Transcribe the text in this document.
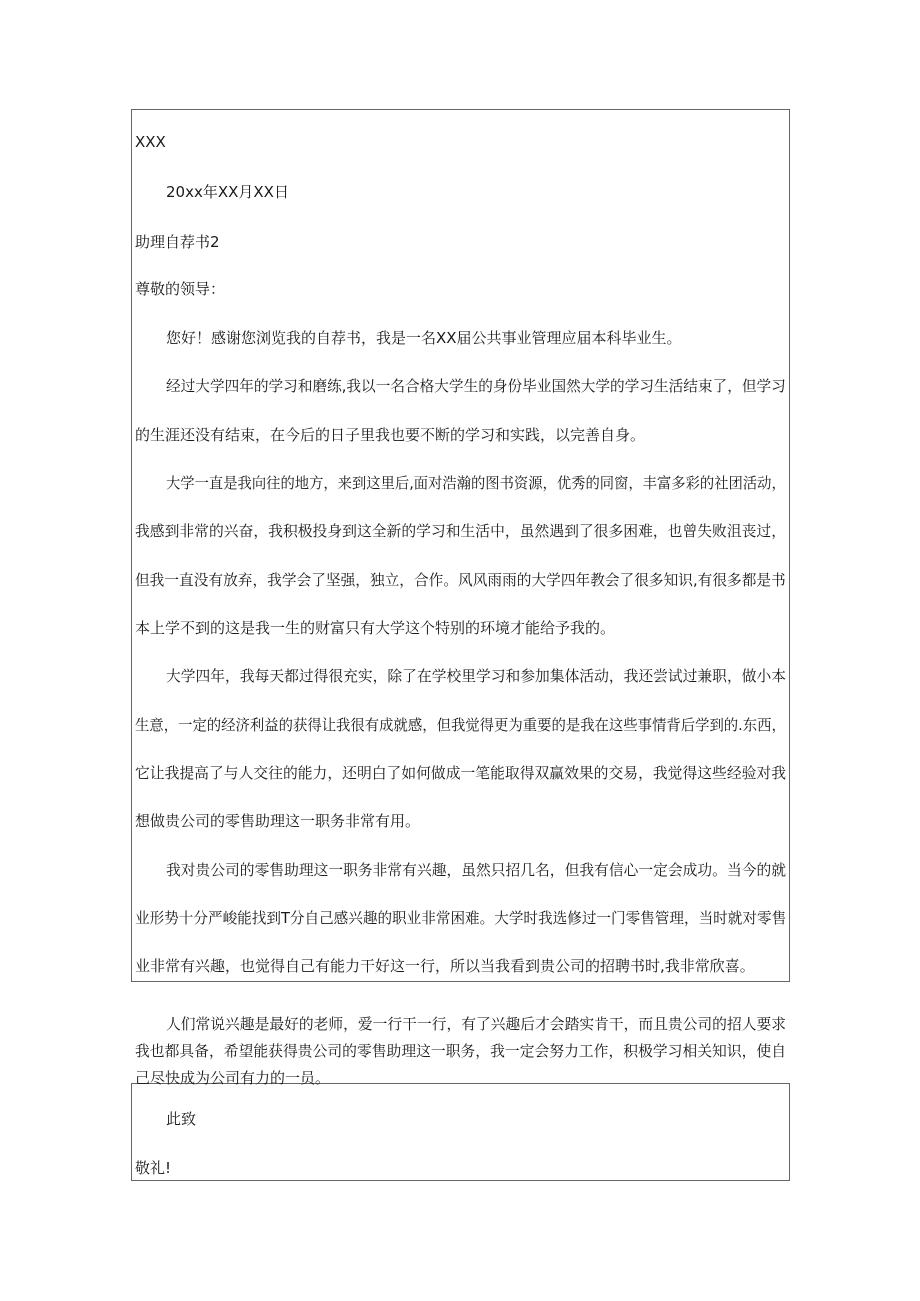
XXX
20xx年XX月XX日
助理自荐书2
尊敬的领导：
您好！感谢您浏览我的自荐书，我是一名XX届公共事业管理应届本科毕业生。
经过大学四年的学习和磨练,我以一名合格大学生的身份毕业国然大学的学习生活结束了，但学习
的生涯还没有结束，在今后的日子里我也要不断的学习和实践，以完善自身。
大学一直是我向往的地方，来到这里后,面对浩瀚的图书资源，优秀的同窗，丰富多彩的社团活动，
我感到非常的兴奋，我积极投身到这全新的学习和生活中，虽然遇到了很多困难，也曾失败沮丧过，
但我一直没有放弃，我学会了坚强，独立，合作。风风雨雨的大学四年教会了很多知识,有很多都是书
本上学不到的这是我一生的财富只有大学这个特别的环境才能给予我的。
大学四年，我每天都过得很充实，除了在学校里学习和参加集体活动，我还尝试过兼职，做小本
生意，一定的经济利益的获得让我很有成就感，但我觉得更为重要的是我在这些事情背后学到的.东西，
它让我提高了与人交往的能力，还明白了如何做成一笔能取得双赢效果的交易，我觉得这些经验对我
想做贵公司的零售助理这一职务非常有用。
我对贵公司的零售助理这一职务非常有兴趣，虽然只招几名，但我有信心一定会成功。当今的就
业形势十分严峻能找到T分自己感兴趣的职业非常困难。大学时我选修过一门零售管理，当时就对零售
业非常有兴趣，也觉得自己有能力干好这一行，所以当我看到贵公司的招聘书时,我非常欣喜。
人们常说兴趣是最好的老师，爱一行干一行，有了兴趣后才会踏实肯干，而且贵公司的招人要求
我也都具备，希望能获得贵公司的零售助理这一职务，我一定会努力工作，积极学习相关知识，使自
己尽快成为公司有力的一员。
此致
敬礼!
